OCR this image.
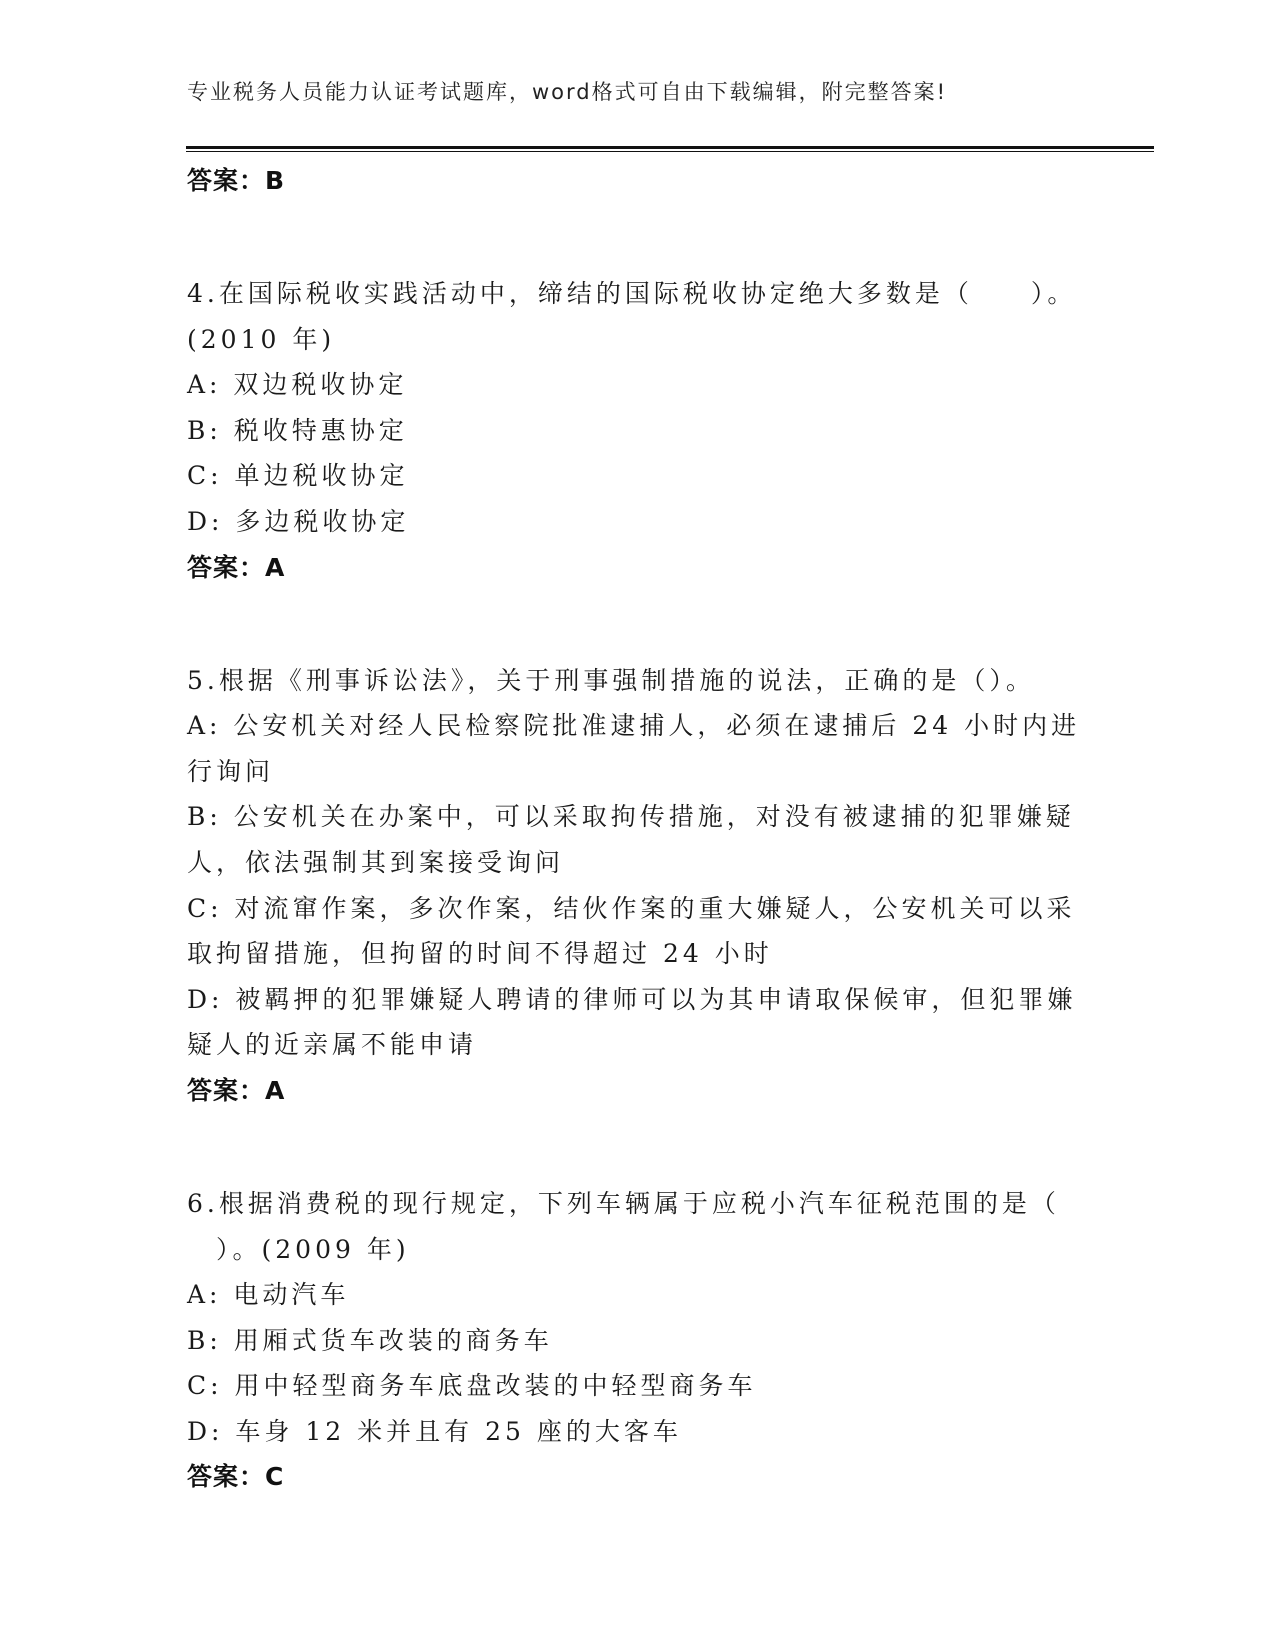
专业税务人员能力认证考试题库，word格式可自由下载编辑，附完整答案!
答案：B
4.在国际税收实践活动中，缔结的国际税收协定绝大多数是（　　）。
(2010 年)
A: 双边税收协定
B: 税收特惠协定
C: 单边税收协定
D: 多边税收协定
答案：A
5.根据《刑事诉讼法》，关于刑事强制措施的说法，正确的是（）。
A: 公安机关对经人民检察院批准逮捕人，必须在逮捕后 24 小时内进
行询问
B: 公安机关在办案中，可以采取拘传措施，对没有被逮捕的犯罪嫌疑
人，依法强制其到案接受询问
C: 对流窜作案，多次作案，结伙作案的重大嫌疑人，公安机关可以采
取拘留措施，但拘留的时间不得超过 24 小时
D: 被羁押的犯罪嫌疑人聘请的律师可以为其申请取保候审，但犯罪嫌
疑人的近亲属不能申请
答案：A
6.根据消费税的现行规定，下列车辆属于应税小汽车征税范围的是（
　）。(2009 年)
A: 电动汽车
B: 用厢式货车改装的商务车
C: 用中轻型商务车底盘改装的中轻型商务车
D: 车身 12 米并且有 25 座的大客车
答案：C
